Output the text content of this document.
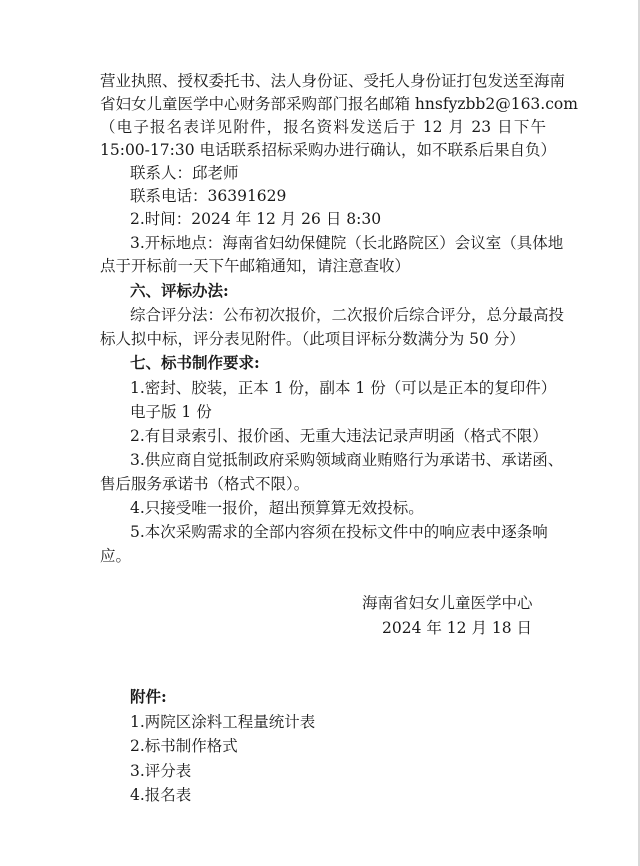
营业执照、授权委托书、法人身份证、受托人身份证打包发送至海南
省妇女儿童医学中心财务部采购部门报名邮箱 hnsfyzbb2@163.com
（电子报名表详见附件，报名资料发送后于 12 月 23 日下午
15:00-17:30 电话联系招标采购办进行确认，如不联系后果自负）
联系人：邱老师
联系电话：36391629
2.时间：2024 年 12 月 26 日 8:30
3.开标地点：海南省妇幼保健院（长北路院区）会议室（具体地
点于开标前一天下午邮箱通知，请注意查收）
六、评标办法:
综合评分法：公布初次报价，二次报价后综合评分，总分最高投
标人拟中标，评分表见附件。（此项目评标分数满分为 50 分）
七、标书制作要求:
1.密封、胶装，正本 1 份，副本 1 份（可以是正本的复印件）
电子版 1 份
2.有目录索引、报价函、无重大违法记录声明函（格式不限）
3.供应商自觉抵制政府采购领域商业贿赂行为承诺书、承诺函、
售后服务承诺书（格式不限）。
4.只接受唯一报价，超出预算算无效投标。
5.本次采购需求的全部内容须在投标文件中的响应表中逐条响
应。
海南省妇女儿童医学中心
2024 年 12 月 18 日
附件:
1.两院区涂料工程量统计表
2.标书制作格式
3.评分表
4.报名表
